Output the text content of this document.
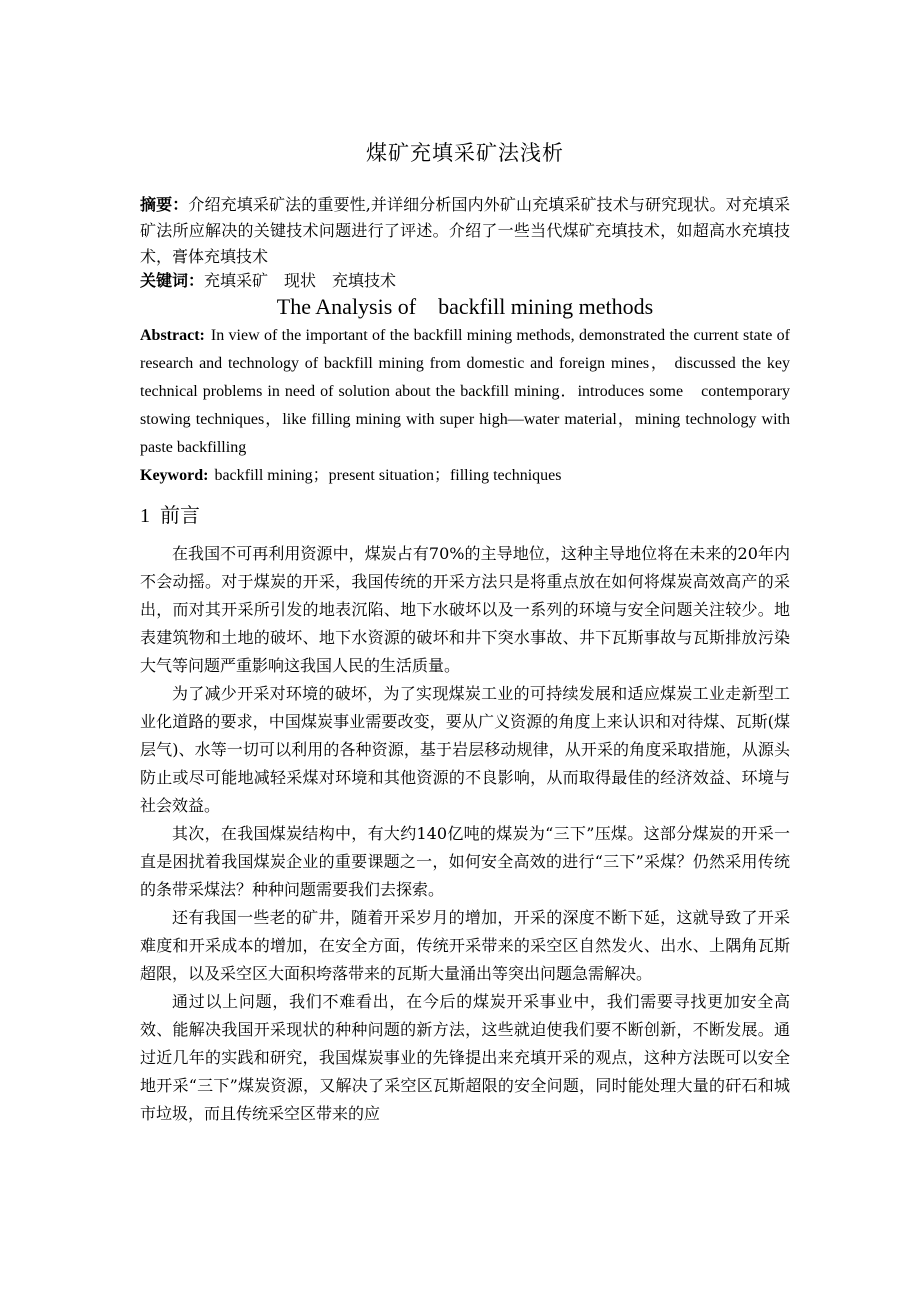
煤矿充填采矿法浅析
摘要：介绍充填采矿法的重要性,并详细分析国内外矿山充填采矿技术与研究现状。对充填采矿法所应解决的关键技术问题进行了评述。介绍了一些当代煤矿充填技术，如超高水充填技术，膏体充填技术
关键词：充填采矿　现状　充填技术
The Analysis of　backfill mining methods
Abstract: In view of the important of the backfill mining methods, demonstrated the current state of research and technology of backfill mining from domestic and foreign mines， discussed the key technical problems in need of solution about the backfill mining．introduces some　contemporary stowing techniques，like filling mining with super high—water material，mining technology with paste backfilling
Keyword: backfill mining；present situation；filling techniques
1 前言

在我国不可再利用资源中，煤炭占有70%的主导地位，这种主导地位将在未来的20年内不会动摇。对于煤炭的开采，我国传统的开采方法只是将重点放在如何将煤炭高效高产的采出，而对其开采所引发的地表沉陷、地下水破坏以及一系列的环境与安全问题关注较少。地表建筑物和土地的破坏、地下水资源的破坏和井下突水事故、井下瓦斯事故与瓦斯排放污染大气等问题严重影响这我国人民的生活质量。

为了减少开采对环境的破坏，为了实现煤炭工业的可持续发展和适应煤炭工业走新型工业化道路的要求，中国煤炭事业需要改变，要从广义资源的角度上来认识和对待煤、瓦斯(煤层气)、水等一切可以利用的各种资源，基于岩层移动规律，从开采的角度采取措施，从源头防止或尽可能地减轻采煤对环境和其他资源的不良影响，从而取得最佳的经济效益、环境与社会效益。

其次，在我国煤炭结构中，有大约140亿吨的煤炭为“三下”压煤。这部分煤炭的开采一直是困扰着我国煤炭企业的重要课题之一，如何安全高效的进行“三下”采煤？仍然采用传统的条带采煤法？种种问题需要我们去探索。

还有我国一些老的矿井，随着开采岁月的增加，开采的深度不断下延，这就导致了开采难度和开采成本的增加，在安全方面，传统开采带来的采空区自然发火、出水、上隅角瓦斯超限，以及采空区大面积垮落带来的瓦斯大量涌出等突出问题急需解决。

通过以上问题，我们不难看出，在今后的煤炭开采事业中，我们需要寻找更加安全高效、能解决我国开采现状的种种问题的新方法，这些就迫使我们要不断创新，不断发展。通过近几年的实践和研究，我国煤炭事业的先锋提出来充填开采的观点，这种方法既可以安全地开采“三下”煤炭资源，又解决了采空区瓦斯超限的安全问题，同时能处理大量的矸石和城市垃圾，而且传统采空区带来的应
